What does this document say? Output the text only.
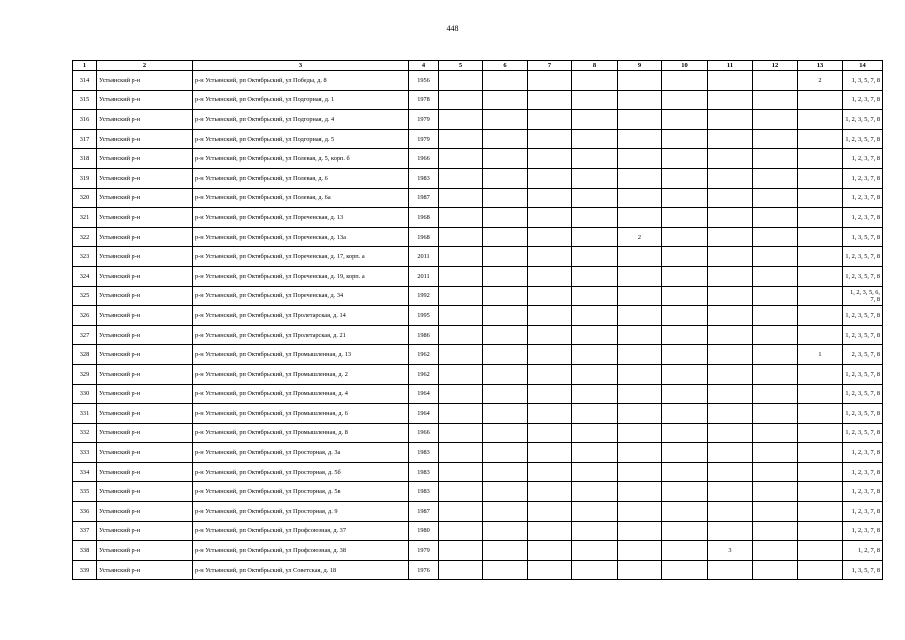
448
1	2	3	4	5	6	7	8	9	10	11	12	13	14
314	Устьянский р-н	р-н Устьянский, рп Октябрьский, ул Победы, д. 8	1956									2	1, 3, 5, 7, 8
315	Устьянский р-н	р-н Устьянский, рп Октябрьский, ул Подгорная, д. 1	1978										1, 2, 3, 7, 8
316	Устьянский р-н	р-н Устьянский, рп Октябрьский, ул Подгорная, д. 4	1979										1, 2, 3, 5, 7, 8
317	Устьянский р-н	р-н Устьянский, рп Октябрьский, ул Подгорная, д. 5	1979										1, 2, 3, 5, 7, 8
318	Устьянский р-н	р-н Устьянский, рп Октябрьский, ул Полевая, д. 5, корп. б	1966										1, 2, 3, 7, 8
319	Устьянский р-н	р-н Устьянский, рп Октябрьский, ул Полевая, д. 6	1983										1, 2, 3, 7, 8
320	Устьянский р-н	р-н Устьянский, рп Октябрьский, ул Полевая, д. 6а	1987										1, 2, 3, 7, 8
321	Устьянский р-н	р-н Устьянский, рп Октябрьский, ул Пореченская, д. 13	1968										1, 2, 3, 7, 8
322	Устьянский р-н	р-н Устьянский, рп Октябрьский, ул Пореченская, д. 13а	1968					2					1, 3, 5, 7, 8
323	Устьянский р-н	р-н Устьянский, рп Октябрьский, ул Пореченская, д. 17, корп. а	2011										1, 2, 3, 5, 7, 8
324	Устьянский р-н	р-н Устьянский, рп Октябрьский, ул Пореченская, д. 19, корп. а	2011										1, 2, 3, 5, 7, 8
325	Устьянский р-н	р-н Устьянский, рп Октябрьский, ул Пореченская, д. 34	1992										1, 2, 3, 5, 6, 7, 8
326	Устьянский р-н	р-н Устьянский, рп Октябрьский, ул Пролетарская, д. 14	1995										1, 2, 3, 5, 7, 8
327	Устьянский р-н	р-н Устьянский, рп Октябрьский, ул Пролетарская, д. 21	1986										1, 2, 3, 5, 7, 8
328	Устьянский р-н	р-н Устьянский, рп Октябрьский, ул Промышленная, д. 13	1962									1	2, 3, 5, 7, 8
329	Устьянский р-н	р-н Устьянский, рп Октябрьский, ул Промышленная, д. 2	1962										1, 2, 3, 5, 7, 8
330	Устьянский р-н	р-н Устьянский, рп Октябрьский, ул Промышленная, д. 4	1964										1, 2, 3, 5, 7, 8
331	Устьянский р-н	р-н Устьянский, рп Октябрьский, ул Промышленная, д. 6	1964										1, 2, 3, 5, 7, 8
332	Устьянский р-н	р-н Устьянский, рп Октябрьский, ул Промышленная, д. 8	1966										1, 2, 3, 5, 7, 8
333	Устьянский р-н	р-н Устьянский, рп Октябрьский, ул Просторная, д. 3а	1983										1, 2, 3, 7, 8
334	Устьянский р-н	р-н Устьянский, рп Октябрьский, ул Просторная, д. 5б	1983										1, 2, 3, 7, 8
335	Устьянский р-н	р-н Устьянский, рп Октябрьский, ул Просторная, д. 5в	1983										1, 2, 3, 7, 8
336	Устьянский р-н	р-н Устьянский, рп Октябрьский, ул Просторная, д. 9	1987										1, 2, 3, 7, 8
337	Устьянский р-н	р-н Устьянский, рп Октябрьский, ул Профсоюзная, д. 37	1980										1, 2, 3, 7, 8
338	Устьянский р-н	р-н Устьянский, рп Октябрьский, ул Профсоюзная, д. 38	1979							3			1, 2, 7, 8
339	Устьянский р-н	р-н Устьянский, рп Октябрьский, ул Советская, д. 18	1976										1, 3, 5, 7, 8
